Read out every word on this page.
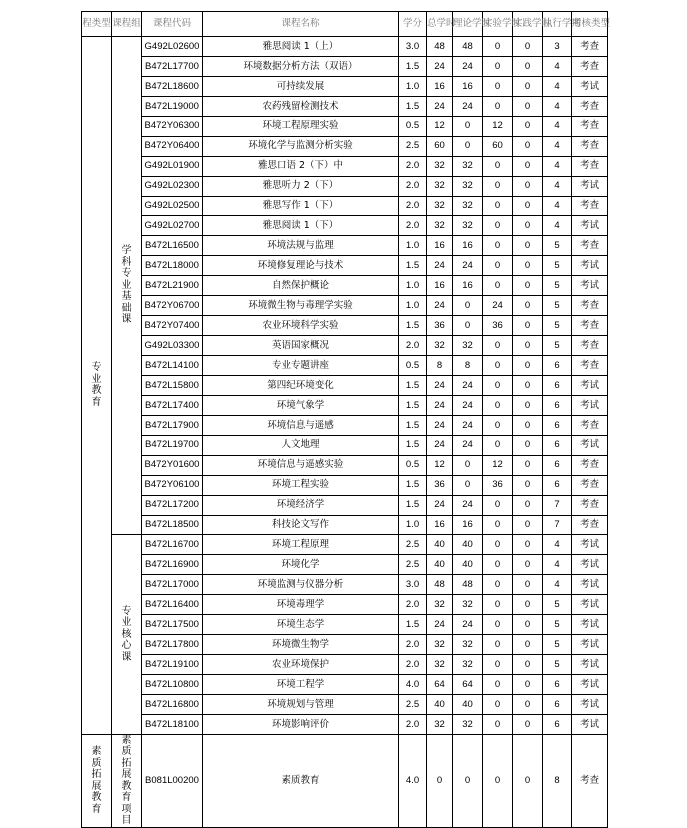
程类型	课程组	课程代码	课程名称	学分	总学时	理论学时	实验学时	实践学时	执行学期	考核类型
专业教育	学科专业基础课	G492L02600	雅思阅读 1（上）	3.0	48	48	0	0	3	考查
		B472L17700	环境数据分析方法（双语）	1.5	24	24	0	0	4	考查
		B472L18600	可持续发展	1.0	16	16	0	0	4	考试
		B472L19000	农药残留检测技术	1.5	24	24	0	0	4	考查
		B472Y06300	环境工程原理实验	0.5	12	0	12	0	4	考查
		B472Y06400	环境化学与监测分析实验	2.5	60	0	60	0	4	考查
		G492L01900	雅思口语 2（下）中	2.0	32	32	0	0	4	考查
		G492L02300	雅思听力 2（下）	2.0	32	32	0	0	4	考试
		G492L02500	雅思写作 1（下）	2.0	32	32	0	0	4	考查
		G492L02700	雅思阅读 1（下）	2.0	32	32	0	0	4	考试
		B472L16500	环境法规与监理	1.0	16	16	0	0	5	考查
		B472L18000	环境修复理论与技术	1.5	24	24	0	0	5	考试
		B472L21900	自然保护概论	1.0	16	16	0	0	5	考试
		B472Y06700	环境微生物与毒理学实验	1.0	24	0	24	0	5	考查
		B472Y07400	农业环境科学实验	1.5	36	0	36	0	5	考查
		G492L03300	英语国家概况	2.0	32	32	0	0	5	考查
		B472L14100	专业专题讲座	0.5	8	8	0	0	6	考查
		B472L15800	第四纪环境变化	1.5	24	24	0	0	6	考试
		B472L17400	环境气象学	1.5	24	24	0	0	6	考试
		B472L17900	环境信息与遥感	1.5	24	24	0	0	6	考查
		B472L19700	人文地理	1.5	24	24	0	0	6	考试
		B472Y01600	环境信息与遥感实验	0.5	12	0	12	0	6	考查
		B472Y06100	环境工程实验	1.5	36	0	36	0	6	考查
		B472L17200	环境经济学	1.5	24	24	0	0	7	考查
		B472L18500	科技论文写作	1.0	16	16	0	0	7	考查
	专业核心课	B472L16700	环境工程原理	2.5	40	40	0	0	4	考试
		B472L16900	环境化学	2.5	40	40	0	0	4	考试
		B472L17000	环境监测与仪器分析	3.0	48	48	0	0	4	考试
		B472L16400	环境毒理学	2.0	32	32	0	0	5	考试
		B472L17500	环境生态学	1.5	24	24	0	0	5	考试
		B472L17800	环境微生物学	2.0	32	32	0	0	5	考试
		B472L19100	农业环境保护	2.0	32	32	0	0	5	考试
		B472L10800	环境工程学	4.0	64	64	0	0	6	考试
		B472L16800	环境规划与管理	2.5	40	40	0	0	6	考试
		B472L18100	环境影响评价	2.0	32	32	0	0	6	考试
素质拓展教育	素质拓展教育项目	B081L00200	素质教育	4.0	0	0	0	0	8	考查
